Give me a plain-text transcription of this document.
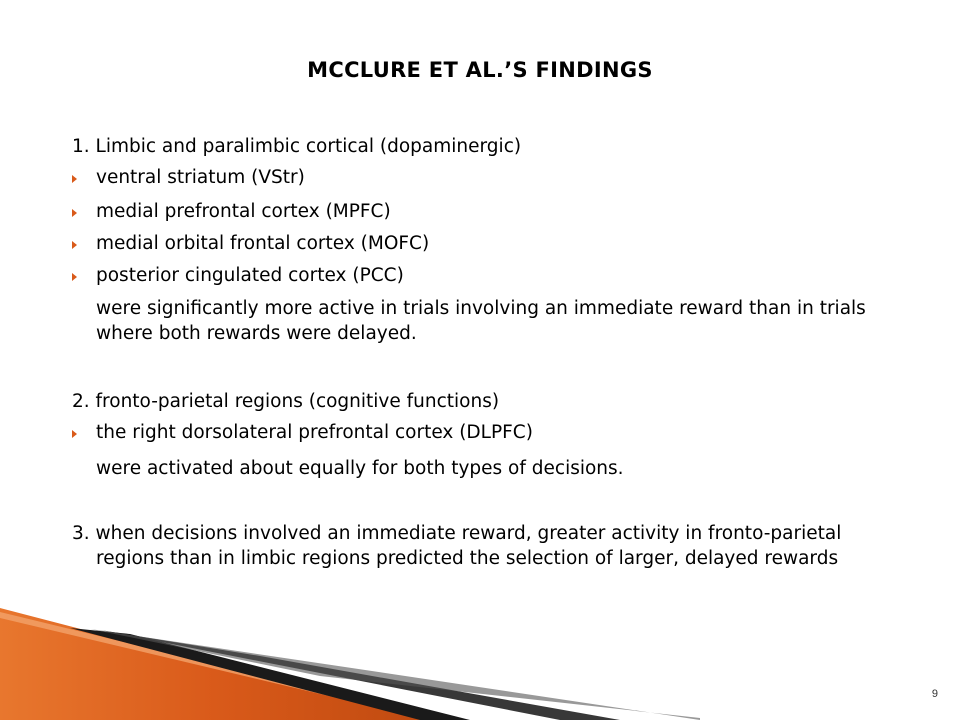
MCCLURE ET AL.’S FINDINGS
1. Limbic and paralimbic cortical (dopaminergic)
ventral striatum (VStr)
medial prefrontal cortex (MPFC)
medial orbital frontal cortex (MOFC)
posterior cingulated cortex (PCC)
were significantly more active in trials involving an immediate reward than in trials where both rewards were delayed.
2. fronto-parietal regions (cognitive functions)
the right dorsolateral prefrontal cortex (DLPFC)
were activated about equally for both types of decisions.
3. when decisions involved an immediate reward, greater activity in fronto-parietal regions than in limbic regions predicted the selection of larger, delayed rewards
9
